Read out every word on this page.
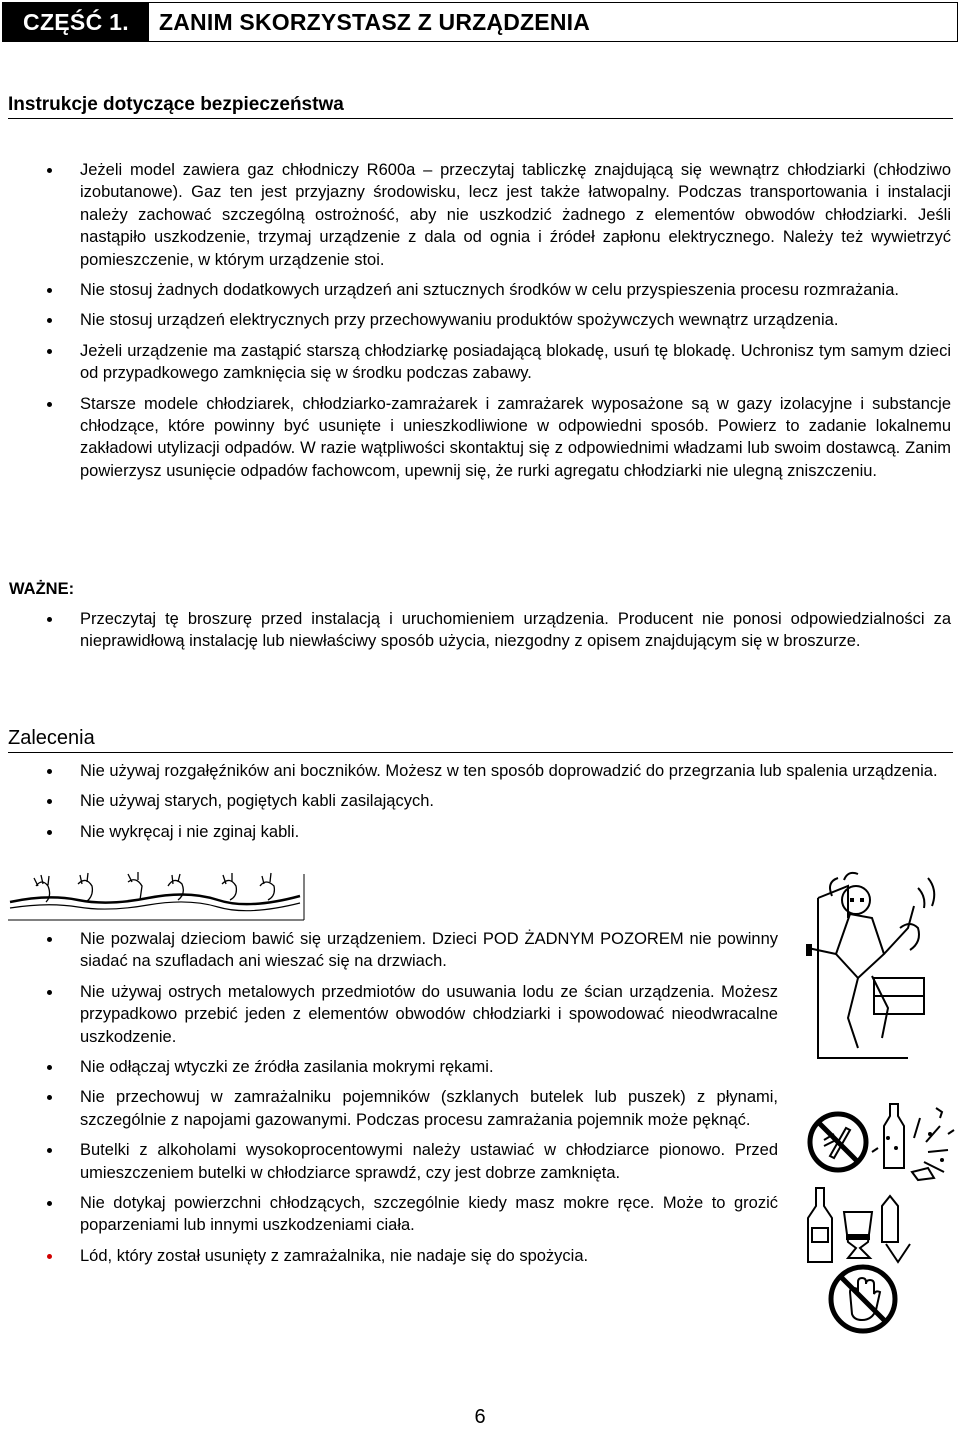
CZĘŚĆ 1.	ZANIM SKORZYSTASZ Z URZĄDZENIA
Instrukcje dotyczące bezpieczeństwa
Jeżeli model zawiera gaz chłodniczy R600a – przeczytaj tabliczkę znajdującą się wewnątrz chłodziarki (chłodziwo izobutanowe). Gaz ten jest przyjazny środowisku, lecz jest także łatwopalny. Podczas transportowania i instalacji należy zachować szczególną ostrożność, aby nie uszkodzić żadnego z elementów obwodów chłodziarki. Jeśli nastąpiło uszkodzenie, trzymaj urządzenie z dala od ognia i źródeł zapłonu elektrycznego. Należy też wywietrzyć pomieszczenie, w którym urządzenie stoi.
Nie stosuj żadnych dodatkowych urządzeń ani sztucznych środków w celu przyspieszenia procesu rozmrażania.
Nie stosuj urządzeń elektrycznych przy przechowywaniu produktów spożywczych wewnątrz urządzenia.
Jeżeli urządzenie ma zastąpić starszą chłodziarkę posiadającą blokadę, usuń tę blokadę. Uchronisz tym samym dzieci od przypadkowego zamknięcia się w środku podczas zabawy.
Starsze modele chłodziarek, chłodziarko-zamrażarek i zamrażarek wyposażone są w gazy izolacyjne i substancje chłodzące, które powinny być usunięte i unieszkodliwione w odpowiedni sposób. Powierz to zadanie lokalnemu zakładowi utylizacji odpadów. W razie wątpliwości skontaktuj się z odpowiednimi władzami lub swoim dostawcą. Zanim powierzysz usunięcie odpadów fachowcom, upewnij się, że rurki agregatu chłodziarki nie ulegną zniszczeniu.
WAŻNE:
Przeczytaj tę broszurę przed instalacją i uruchomieniem urządzenia. Producent nie ponosi odpowiedzialności za nieprawidłową instalację lub niewłaściwy sposób użycia, niezgodny z opisem znajdującym się w broszurze.
Zalecenia
Nie używaj rozgałęźników ani boczników. Możesz w ten sposób doprowadzić do przegrzania lub spalenia urządzenia.
Nie używaj starych, pogiętych kabli zasilających.
Nie wykręcaj i nie zginaj kabli.
Nie pozwalaj dzieciom bawić się urządzeniem. Dzieci POD ŻADNYM POZOREM nie powinny siadać na szufladach ani wieszać się na drzwiach.
Nie używaj ostrych metalowych przedmiotów do usuwania lodu ze ścian urządzenia. Możesz przypadkowo przebić jeden z elementów obwodów chłodziarki i spowodować nieodwracalne uszkodzenie.
Nie odłączaj wtyczki ze źródła zasilania mokrymi rękami.
Nie przechowuj w zamrażalniku pojemników (szklanych butelek lub puszek) z płynami, szczególnie z napojami gazowanymi. Podczas procesu zamrażania pojemnik może pęknąć.
Butelki z alkoholami wysokoprocentowymi należy ustawiać w chłodziarce pionowo. Przed umieszczeniem butelki w chłodziarce sprawdź, czy jest dobrze zamknięta.
Nie dotykaj powierzchni chłodzących, szczególnie kiedy masz mokre ręce. Może to grozić poparzeniami lub innymi uszkodzeniami ciała.
Lód, który został usunięty z zamrażalnika, nie nadaje się do spożycia.
6
